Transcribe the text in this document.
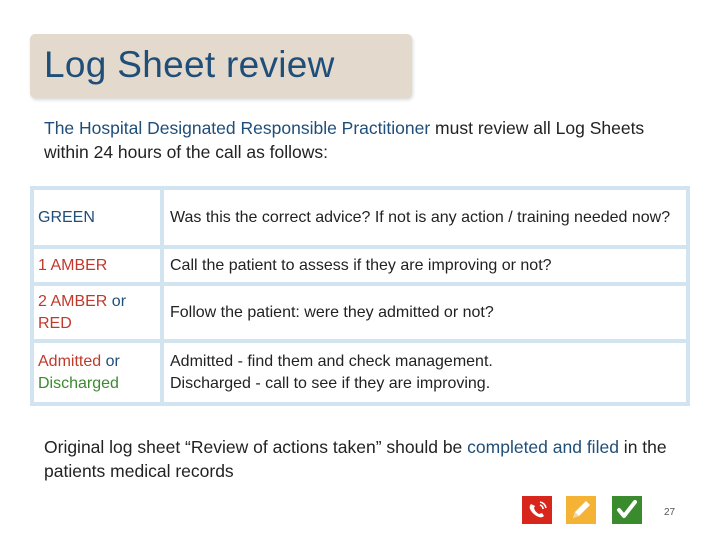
Log Sheet review
The Hospital Designated Responsible Practitioner must review all Log Sheets within 24 hours of the call as follows:
GREEN	Was this the correct advice? If not is any action / training needed now?
1 AMBER	Call the patient to assess if they are improving or not?
2 AMBER or
RED
Follow the patient: were they admitted or not?
Admitted or
Discharged
Admitted - find them and check management.
Discharged - call to see if they are improving.
Original log sheet “Review of actions taken” should be completed and filed in the patients medical records
27
